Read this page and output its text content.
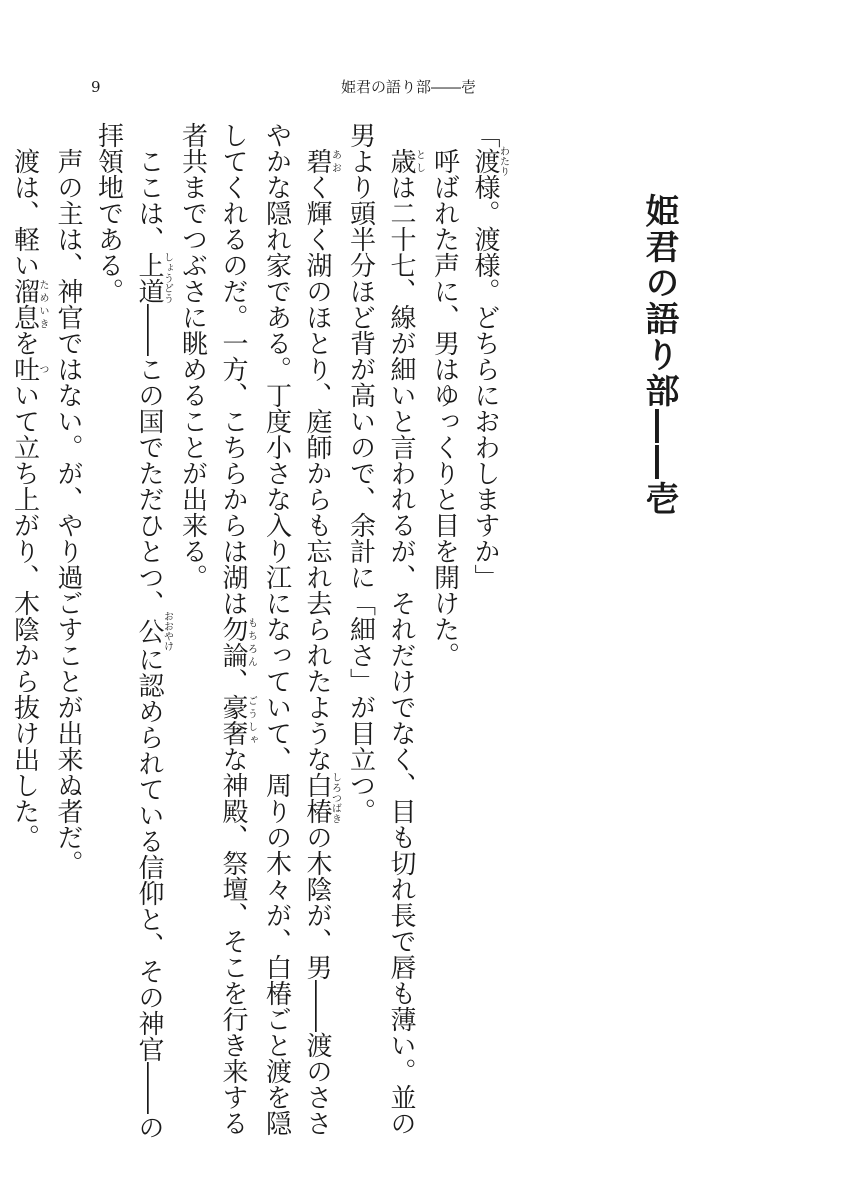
9	姫君の語り部――壱
姫君の語り部――壱
「渡わたり様。渡様。どちらにおわしますか」
　呼ばれた声に、男はゆっくりと目を開けた。
　歳としは二十七、線が細いと言われるが、それだけでなく、目も切れ長で唇も薄い。並の
男より頭半分ほど背が高いので、余計に「細さ」が目立つ。
　碧あおく輝く湖のほとり、庭師からも忘れ去られたような白椿しろつばきの木陰が、男――渡のささ
やかな隠れ家である。丁度小さな入り江になっていて、周りの木々が、白椿ごと渡を隠
してくれるのだ。一方、こちらからは湖は勿論もちろん、豪奢ごうしゃな神殿、祭壇、そこを行き来する
者共までつぶさに眺めることが出来る。
　ここは、上道しょうどう――この国でただひとつ、公おおやけに認められている信仰と、その神官――の
拝領地である。
　声の主は、神官ではない。が、やり過ごすことが出来ぬ者だ。
　渡は、軽い溜息ためいきを吐ついて立ち上がり、木陰から抜け出した。
